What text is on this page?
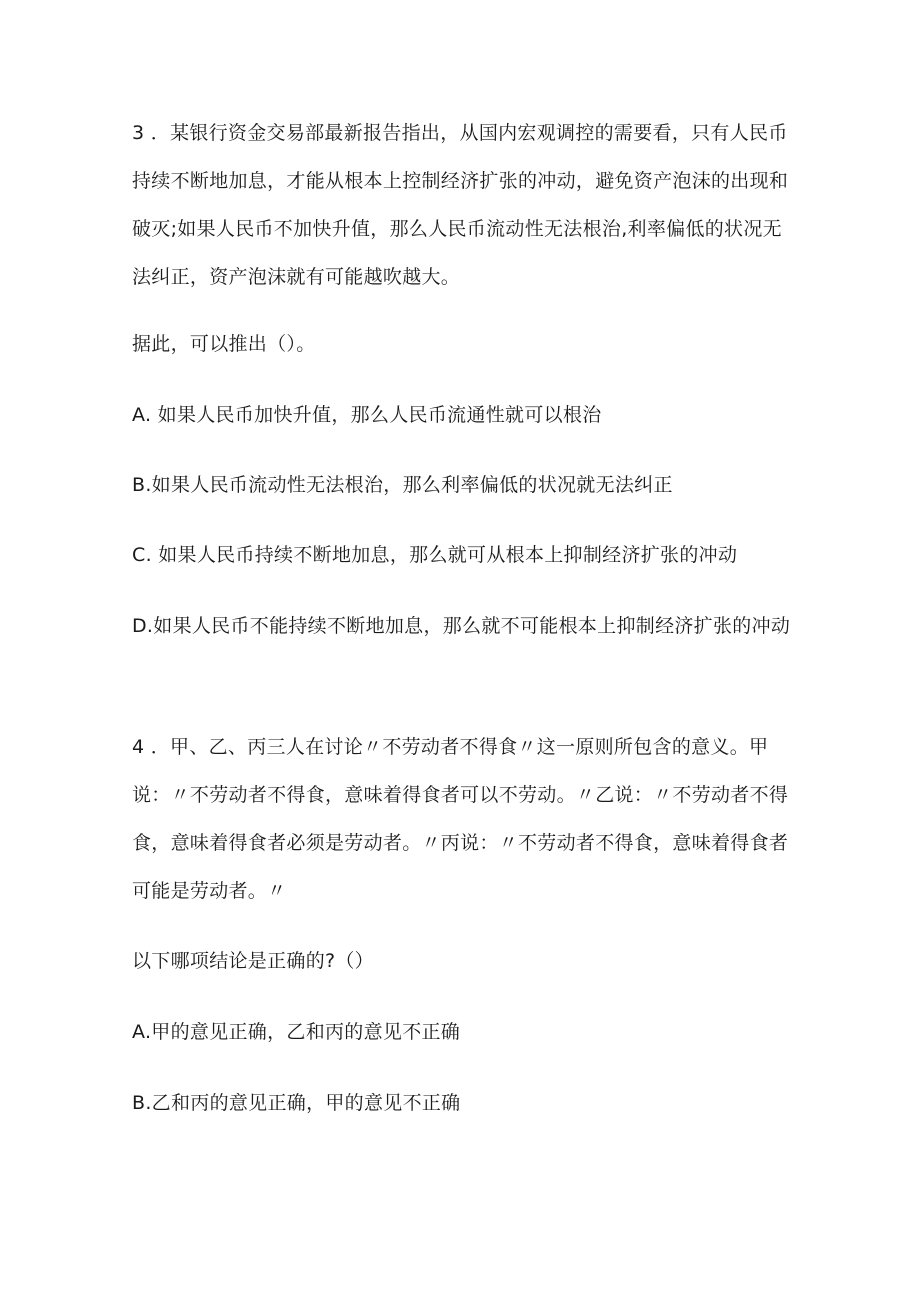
3 ．某银行资金交易部最新报告指出，从国内宏观调控的需要看，只有人民币持续不断地加息，才能从根本上控制经济扩张的冲动，避免资产泡沫的出现和破灭;如果人民币不加快升值，那么人民币流动性无法根治,利率偏低的状况无法纠正，资产泡沫就有可能越吹越大。

据此，可以推出（）。

A. 如果人民币加快升值，那么人民币流通性就可以根治

B.如果人民币流动性无法根治，那么利率偏低的状况就无法纠正

C. 如果人民币持续不断地加息，那么就可从根本上抑制经济扩张的冲动

D.如果人民币不能持续不断地加息，那么就不可能根本上抑制经济扩张的冲动

4 ．甲、乙、丙三人在讨论〃不劳动者不得食〃这一原则所包含的意义。甲说：〃不劳动者不得食，意味着得食者可以不劳动。〃乙说：〃不劳动者不得食，意味着得食者必须是劳动者。〃丙说：〃不劳动者不得食，意味着得食者可能是劳动者。〃

以下哪项结论是正确的?（）

A.甲的意见正确，乙和丙的意见不正确

B.乙和丙的意见正确，甲的意见不正确
